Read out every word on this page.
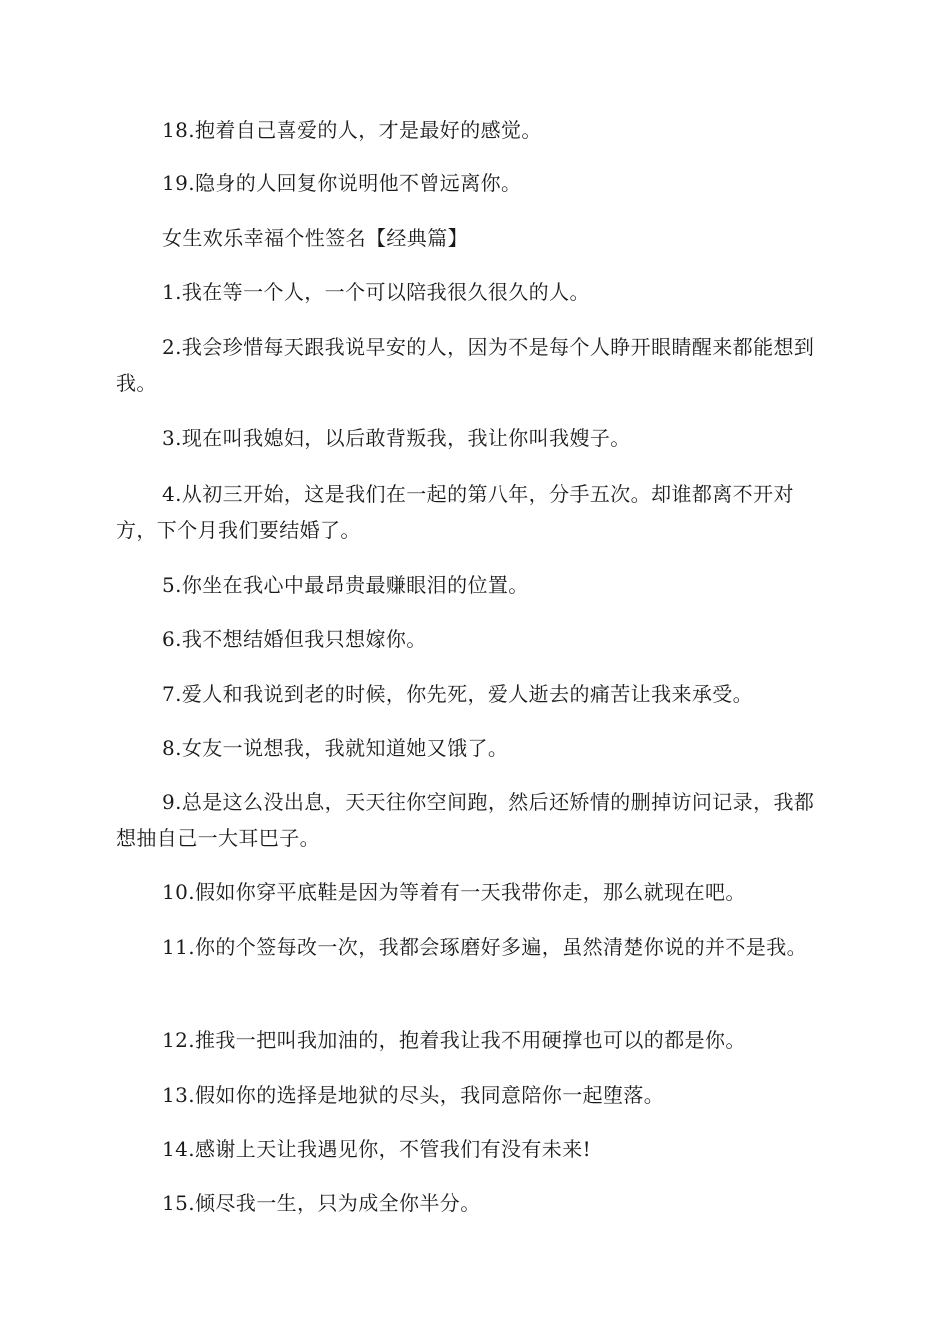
18.抱着自己喜爱的人，才是最好的感觉。

19.隐身的人回复你说明他不曾远离你。

女生欢乐幸福个性签名【经典篇】

1.我在等一个人，一个可以陪我很久很久的人。

2.我会珍惜每天跟我说早安的人，因为不是每个人睁开眼睛醒来都能想到我。

3.现在叫我媳妇，以后敢背叛我，我让你叫我嫂子。

4.从初三开始，这是我们在一起的第八年，分手五次。却谁都离不开对方，下个月我们要结婚了。

5.你坐在我心中最昂贵最赚眼泪的位置。

6.我不想结婚但我只想嫁你。

7.爱人和我说到老的时候，你先死，爱人逝去的痛苦让我来承受。

8.女友一说想我，我就知道她又饿了。

9.总是这么没出息，天天往你空间跑，然后还矫情的删掉访问记录，我都想抽自己一大耳巴子。

10.假如你穿平底鞋是因为等着有一天我带你走，那么就现在吧。

11.你的个签每改一次，我都会琢磨好多遍，虽然清楚你说的并不是我。

12.推我一把叫我加油的，抱着我让我不用硬撑也可以的都是你。

13.假如你的选择是地狱的尽头，我同意陪你一起堕落。

14.感谢上天让我遇见你，不管我们有没有未来!

15.倾尽我一生，只为成全你半分。
